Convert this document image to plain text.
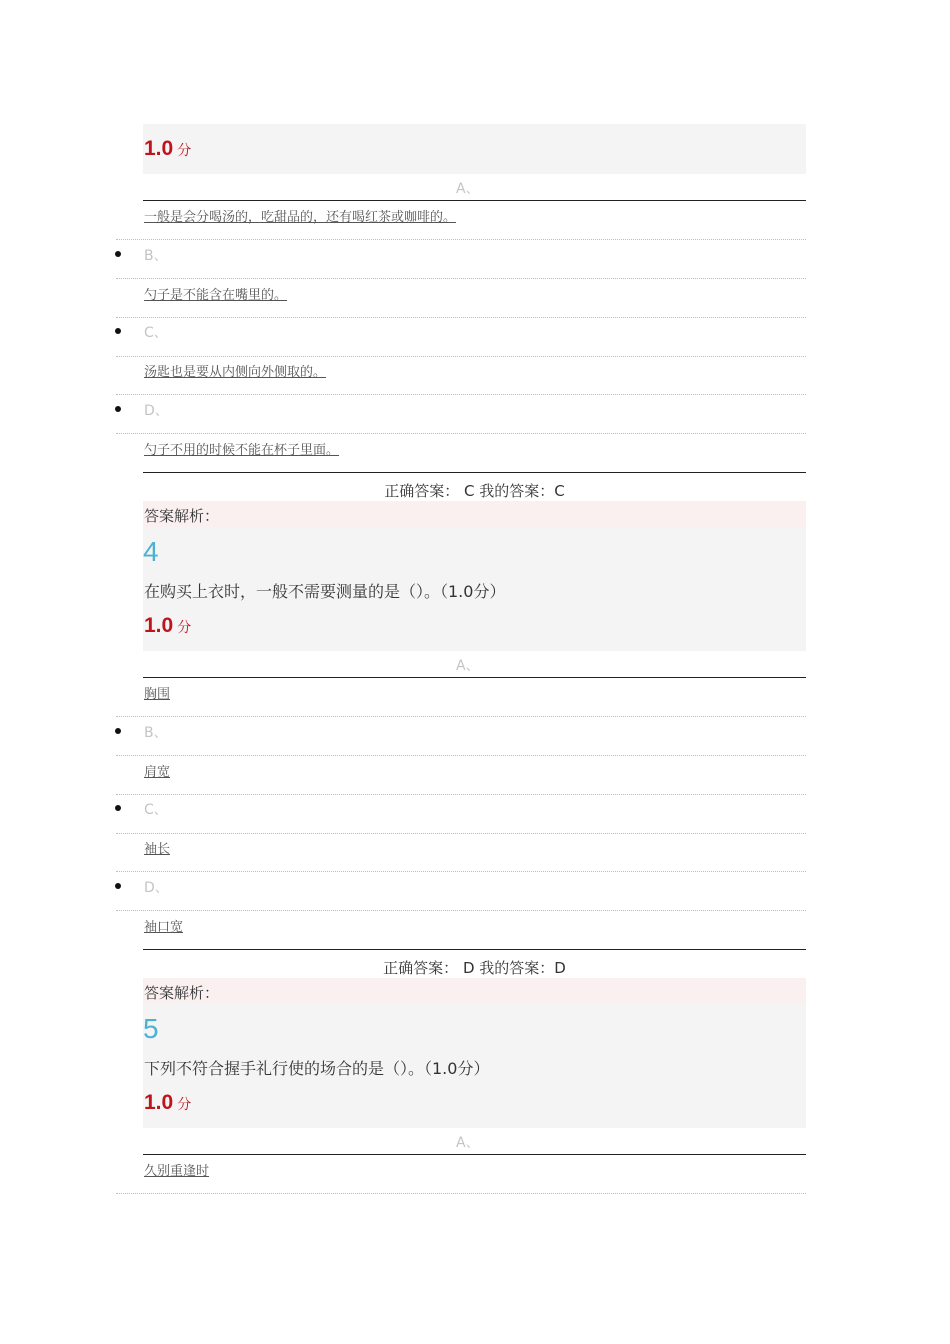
1.0 分
A、
一般是会分喝汤的，吃甜品的，还有喝红茶或咖啡的。
B、
勺子是不能含在嘴里的。
C、
汤匙也是要从内侧向外侧取的。
D、
勺子不用的时候不能在杯子里面。
正确答案： C 我的答案：C
答案解析：
4
在购买上衣时，一般不需要测量的是（）。（1.0分）
1.0 分
A、
胸围
B、
肩宽
C、
袖长
D、
袖口宽
正确答案： D 我的答案：D
答案解析：
5
下列不符合握手礼行使的场合的是（）。（1.0分）
1.0 分
A、
久别重逢时
